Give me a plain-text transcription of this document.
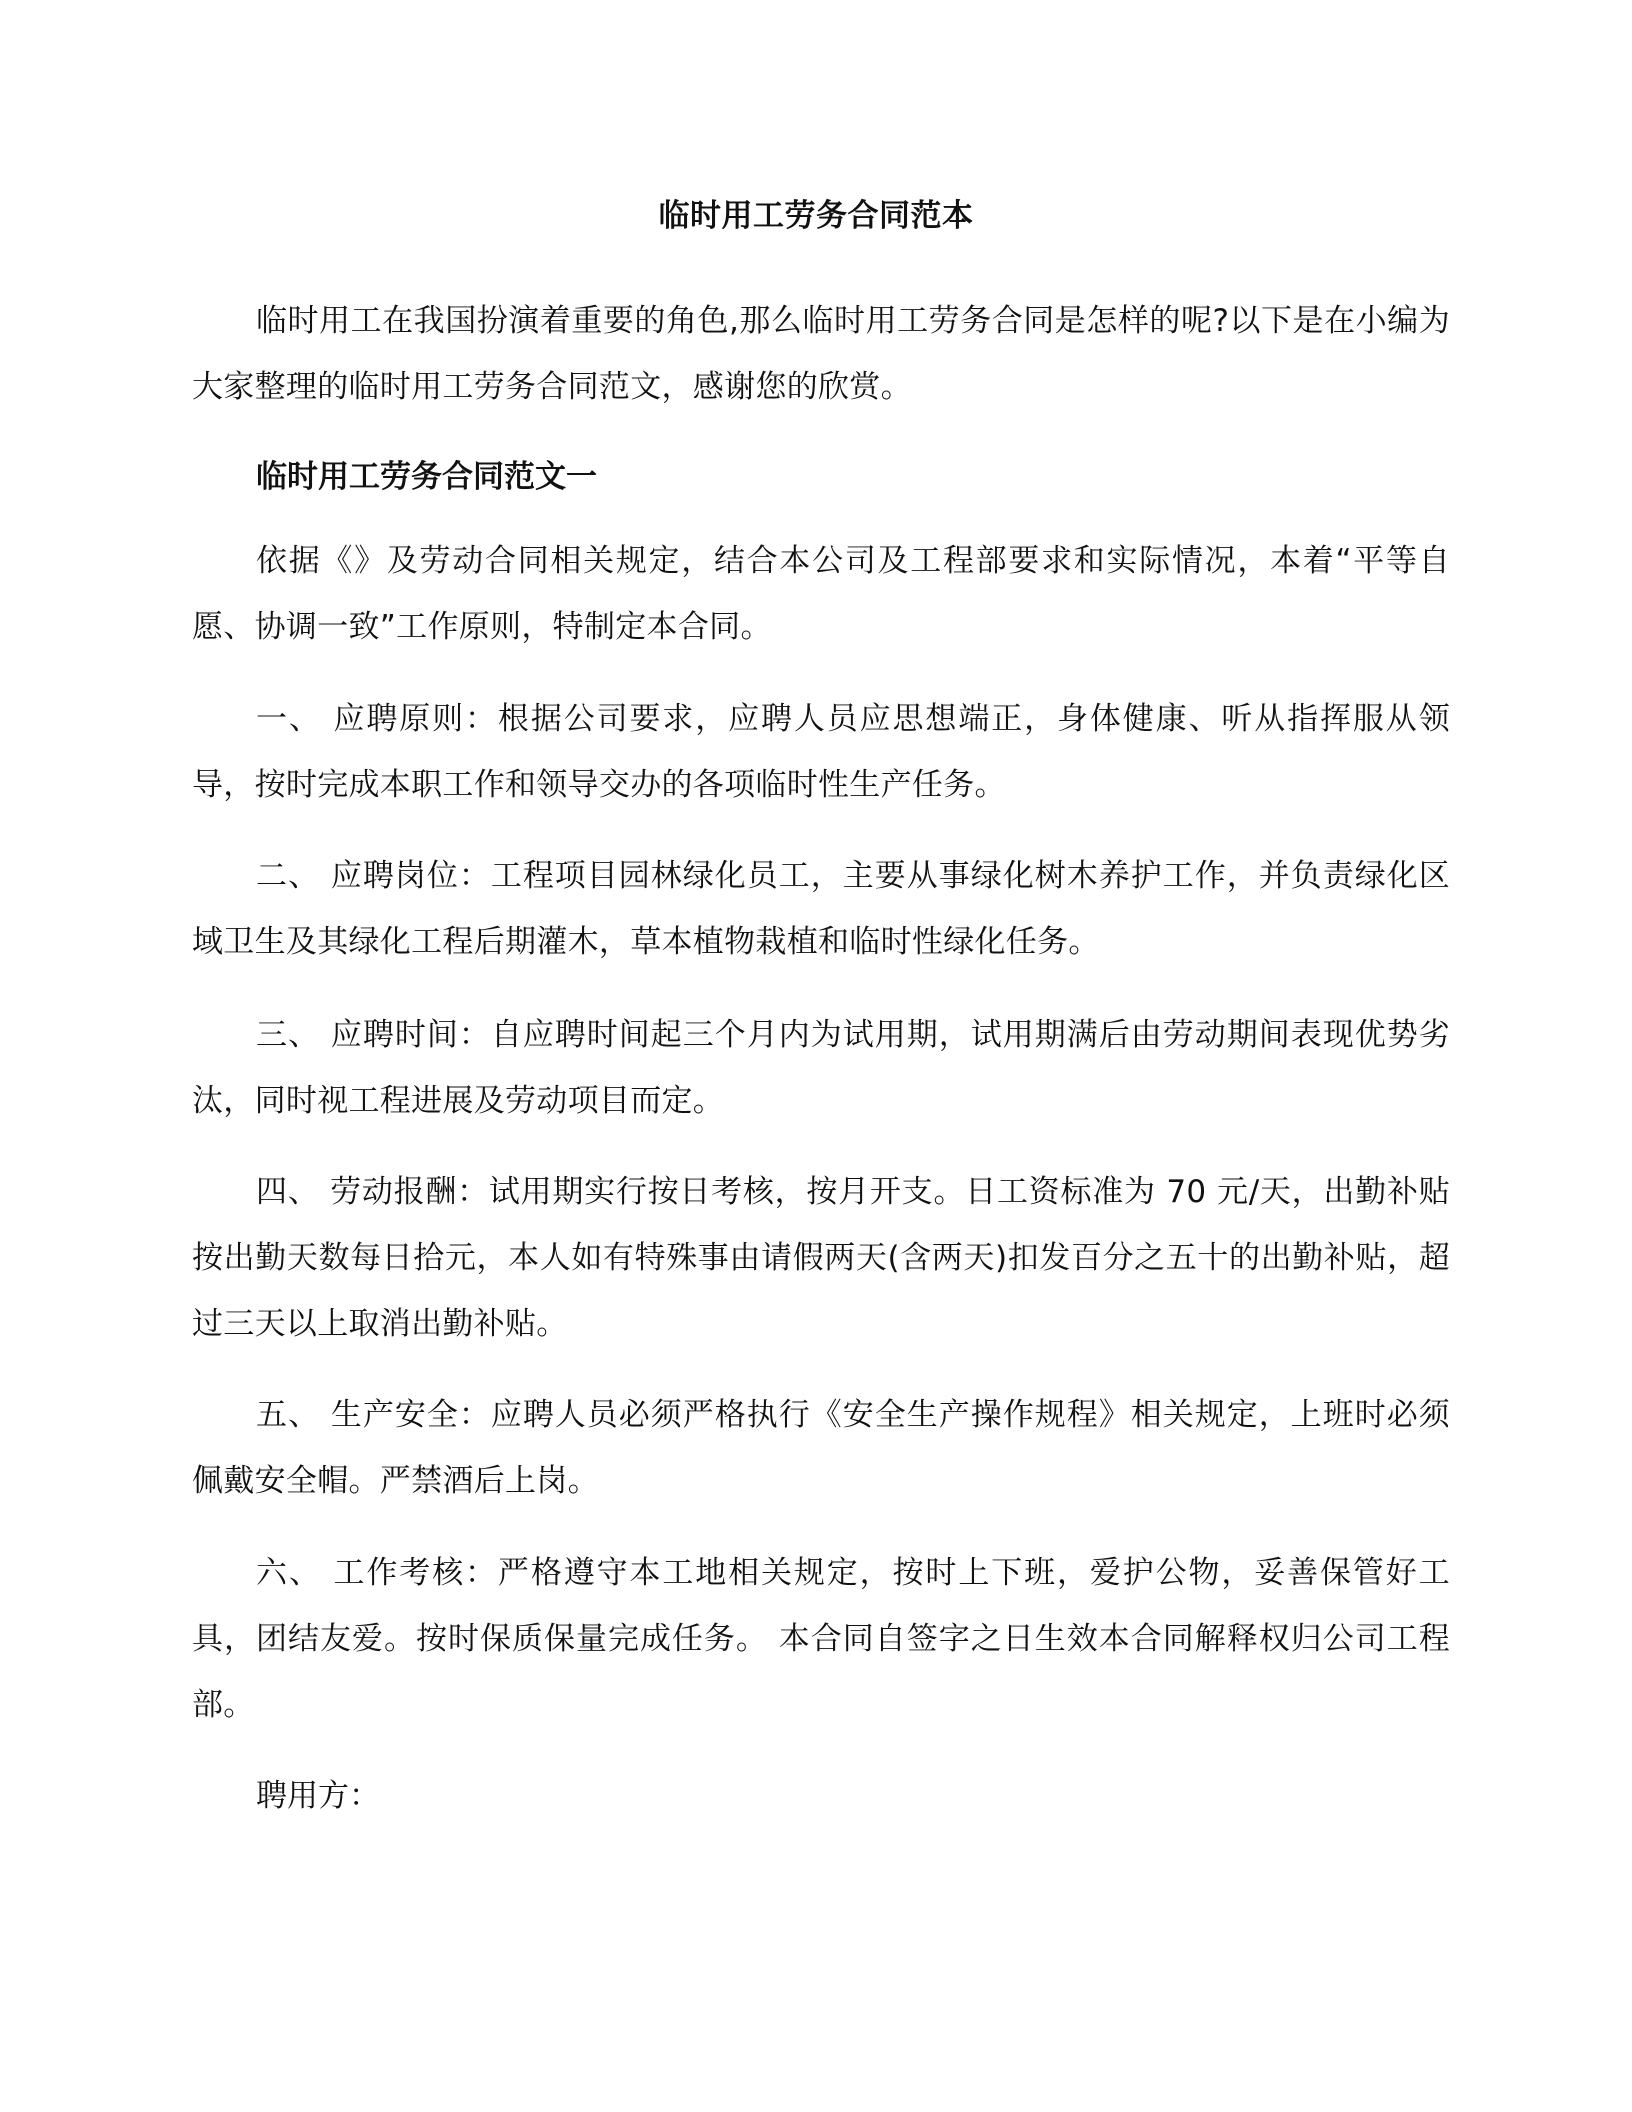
临时用工劳务合同范本

临时用工在我国扮演着重要的角色,那么临时用工劳务合同是怎样的呢?以下是在小编为大家整理的临时用工劳务合同范文，感谢您的欣赏。

临时用工劳务合同范文一

依据《》及劳动合同相关规定，结合本公司及工程部要求和实际情况，本着“平等自愿、协调一致”工作原则，特制定本合同。

一、 应聘原则：根据公司要求，应聘人员应思想端正，身体健康、听从指挥服从领导，按时完成本职工作和领导交办的各项临时性生产任务。

二、 应聘岗位：工程项目园林绿化员工，主要从事绿化树木养护工作，并负责绿化区域卫生及其绿化工程后期灌木，草本植物栽植和临时性绿化任务。

三、 应聘时间：自应聘时间起三个月内为试用期，试用期满后由劳动期间表现优势劣汰，同时视工程进展及劳动项目而定。

四、 劳动报酬：试用期实行按日考核，按月开支。日工资标准为 70 元/天，出勤补贴按出勤天数每日拾元，本人如有特殊事由请假两天(含两天)扣发百分之五十的出勤补贴，超过三天以上取消出勤补贴。

五、 生产安全：应聘人员必须严格执行《安全生产操作规程》相关规定，上班时必须佩戴安全帽。严禁酒后上岗。

六、 工作考核：严格遵守本工地相关规定，按时上下班，爱护公物，妥善保管好工具，团结友爱。按时保质保量完成任务。 本合同自签字之日生效本合同解释权归公司工程部。

聘用方：
